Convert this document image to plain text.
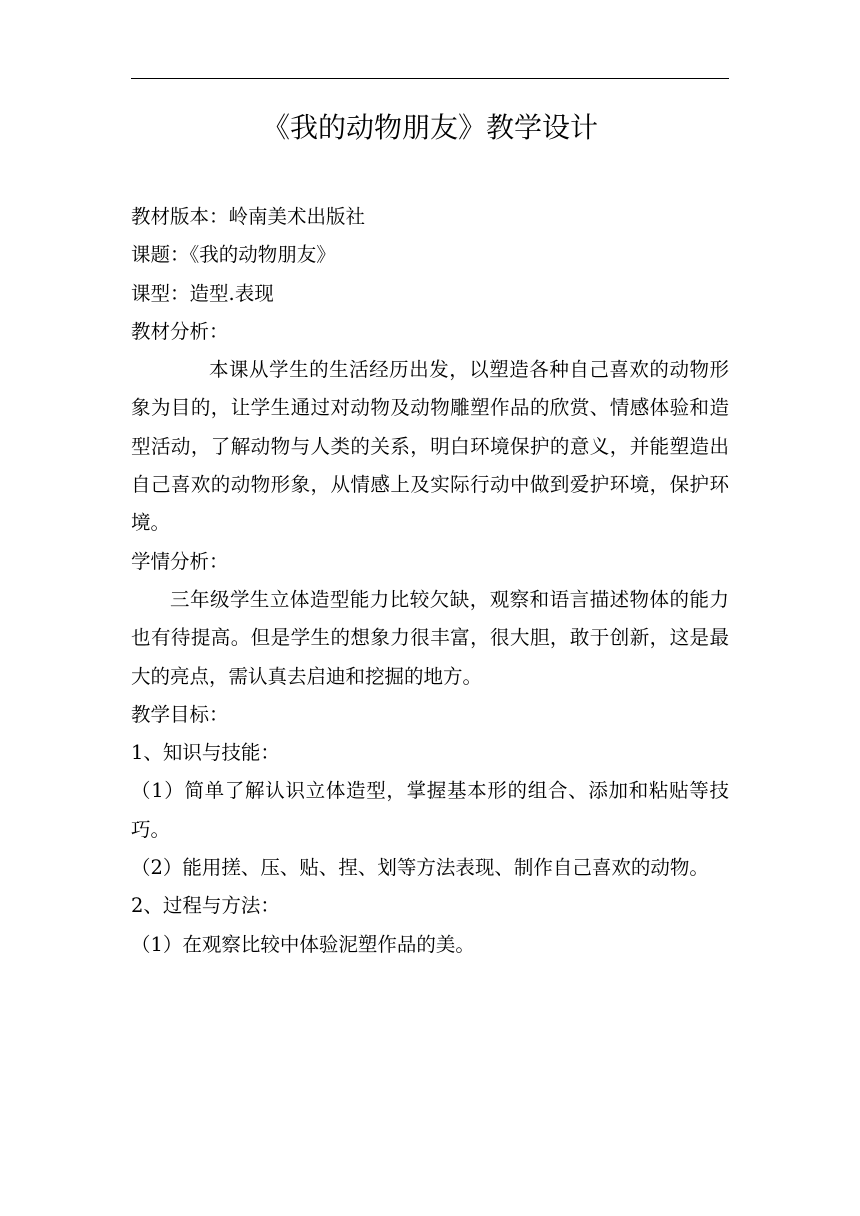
《我的动物朋友》教学设计
教材版本：岭南美术出版社
课题：《我的动物朋友》
课型：造型.表现
教材分析：
本课从学生的生活经历出发，以塑造各种自己喜欢的动物形象为目的，让学生通过对动物及动物雕塑作品的欣赏、情感体验和造型活动，了解动物与人类的关系，明白环境保护的意义，并能塑造出自己喜欢的动物形象，从情感上及实际行动中做到爱护环境，保护环境。
学情分析：
三年级学生立体造型能力比较欠缺，观察和语言描述物体的能力也有待提高。但是学生的想象力很丰富，很大胆，敢于创新，这是最大的亮点，需认真去启迪和挖掘的地方。
教学目标：
1、知识与技能：
（1）简单了解认识立体造型，掌握基本形的组合、添加和粘贴等技巧。
（2）能用搓、压、贴、捏、划等方法表现、制作自己喜欢的动物。
2、过程与方法：
（1）在观察比较中体验泥塑作品的美。
